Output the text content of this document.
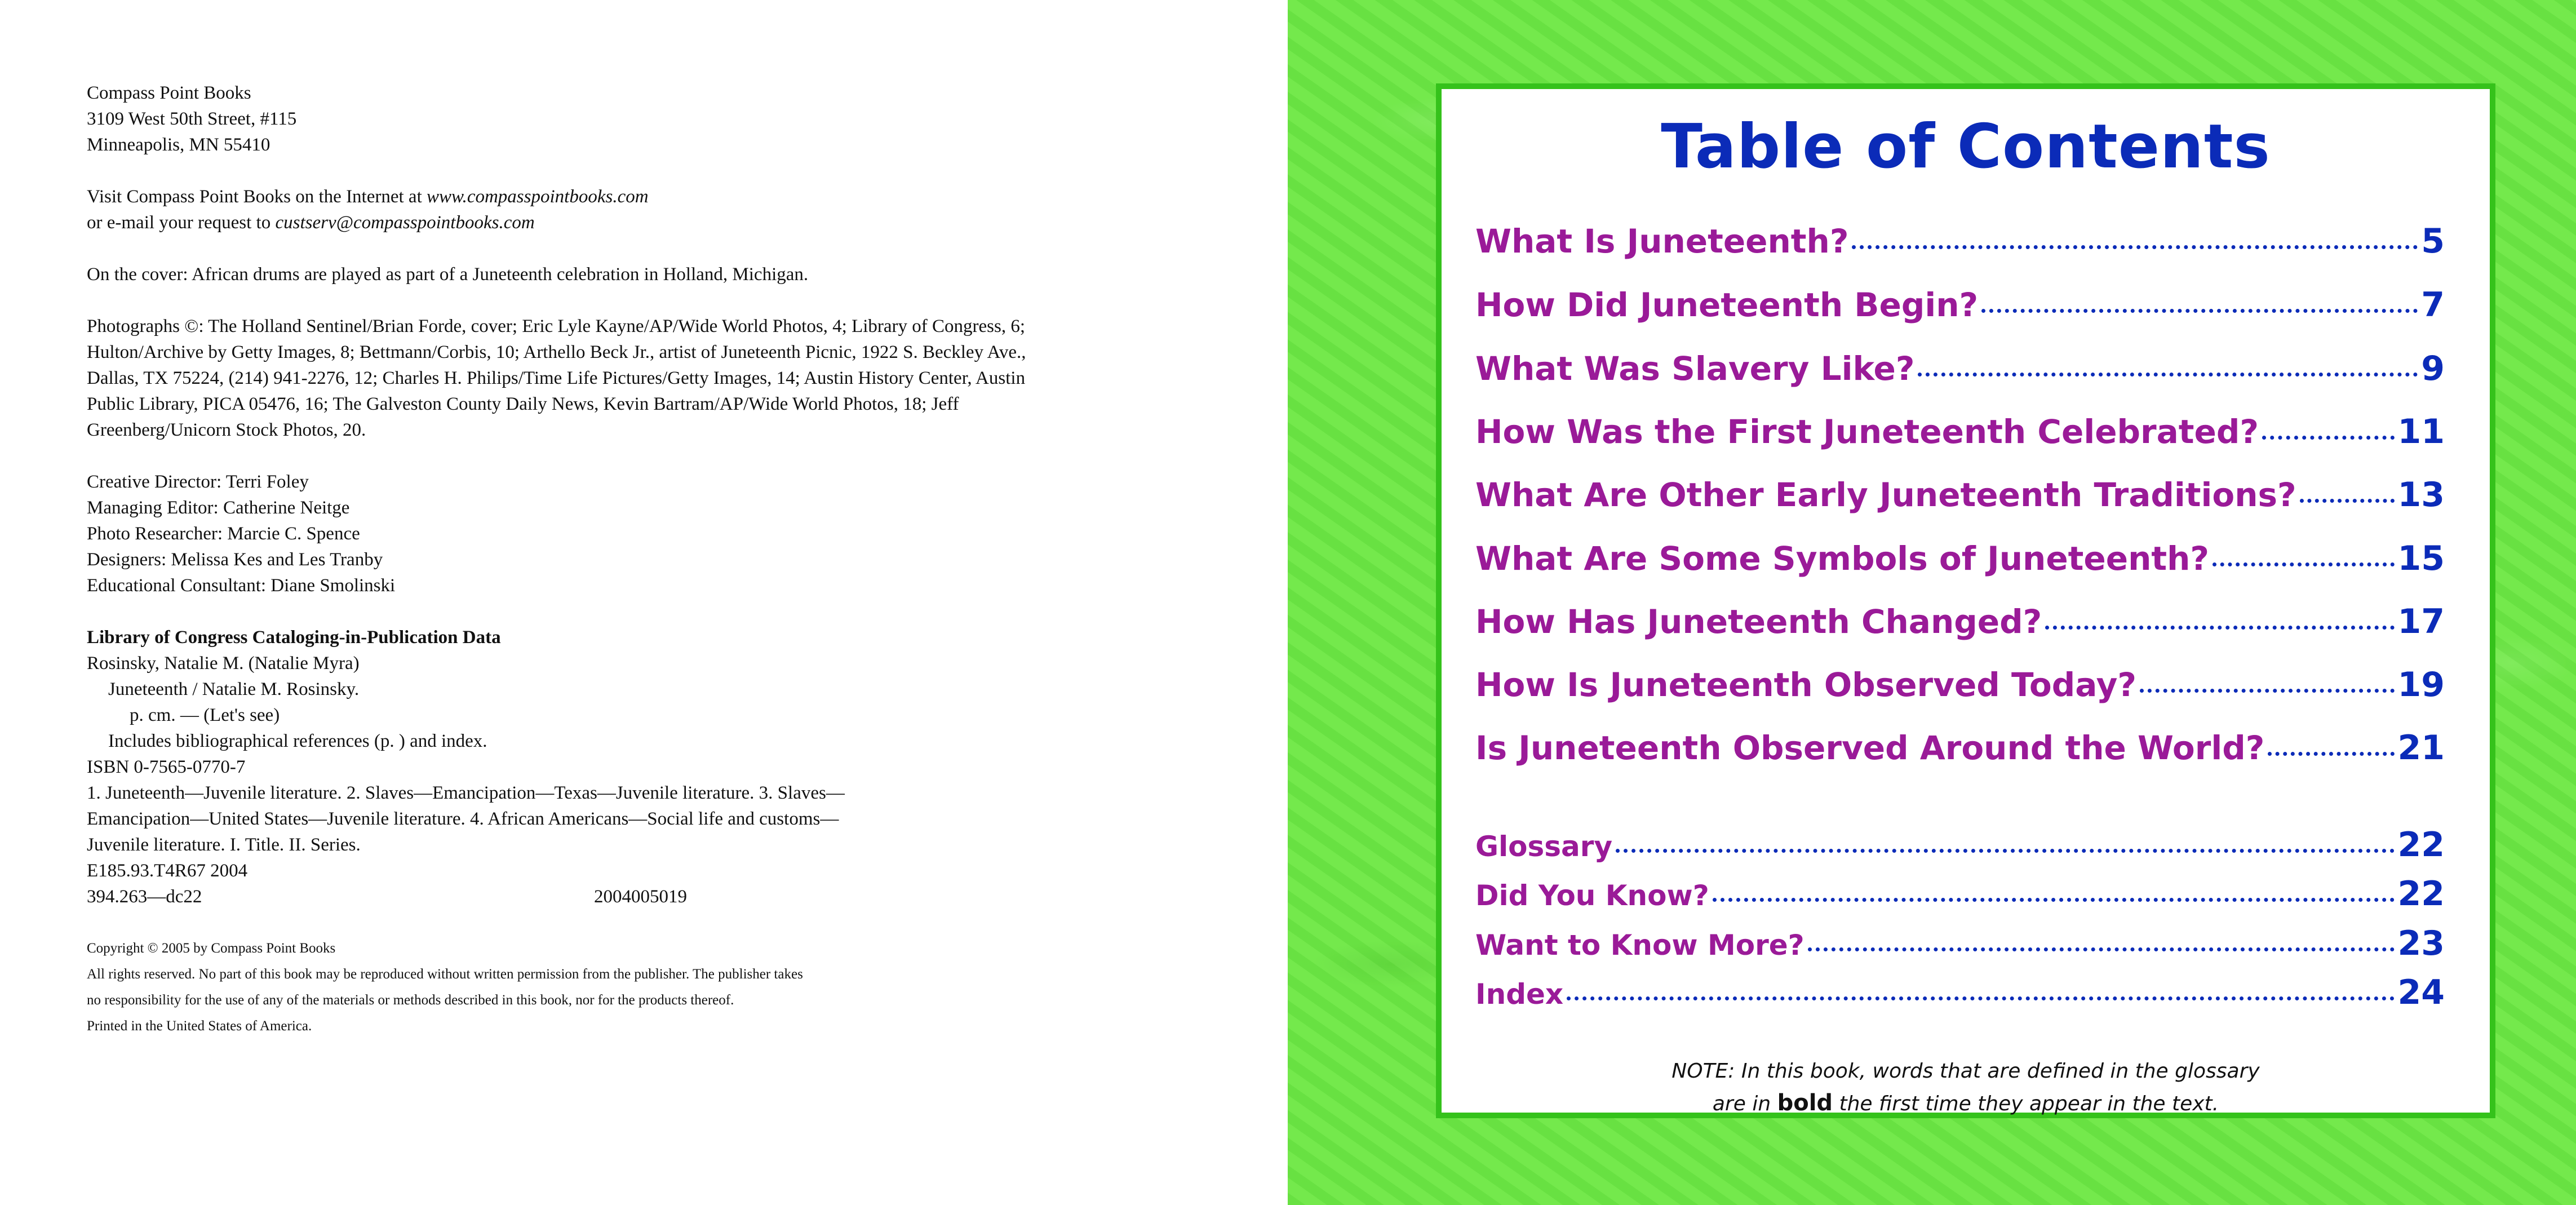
Compass Point Books
3109 West 50th Street, #115
Minneapolis, MN 55410
Visit Compass Point Books on the Internet at www.compasspointbooks.com
or e-mail your request to custserv@compasspointbooks.com
On the cover: African drums are played as part of a Juneteenth celebration in Holland, Michigan.
Photographs ©: The Holland Sentinel/Brian Forde, cover; Eric Lyle Kayne/AP/Wide World Photos, 4; Library of Congress, 6;
Hulton/Archive by Getty Images, 8; Bettmann/Corbis, 10; Arthello Beck Jr., artist of Juneteenth Picnic, 1922 S. Beckley Ave.,
Dallas, TX 75224, (214) 941-2276, 12; Charles H. Philips/Time Life Pictures/Getty Images, 14; Austin History Center, Austin
Public Library, PICA 05476, 16; The Galveston County Daily News, Kevin Bartram/AP/Wide World Photos, 18; Jeff
Greenberg/Unicorn Stock Photos, 20.
Creative Director: Terri Foley
Managing Editor: Catherine Neitge
Photo Researcher: Marcie C. Spence
Designers: Melissa Kes and Les Tranby
Educational Consultant: Diane Smolinski
Library of Congress Cataloging-in-Publication Data
Rosinsky, Natalie M. (Natalie Myra)
Juneteenth / Natalie M. Rosinsky.
p. cm. — (Let's see)
Includes bibliographical references (p. ) and index.
ISBN 0-7565-0770-7
1. Juneteenth—Juvenile literature. 2. Slaves—Emancipation—Texas—Juvenile literature. 3. Slaves—
Emancipation—United States—Juvenile literature. 4. African Americans—Social life and customs—
Juvenile literature. I. Title. II. Series.
E185.93.T4R67 2004
394.263—dc22	2004005019
Copyright © 2005 by Compass Point Books
All rights reserved. No part of this book may be reproduced without written permission from the publisher. The publisher takes
no responsibility for the use of any of the materials or methods described in this book, nor for the products thereof.
Printed in the United States of America.
Table of Contents
What Is Juneteenth?	5
How Did Juneteenth Begin?	7
What Was Slavery Like?	9
How Was the First Juneteenth Celebrated?	11
What Are Other Early Juneteenth Traditions?	13
What Are Some Symbols of Juneteenth?	15
How Has Juneteenth Changed?	17
How Is Juneteenth Observed Today?	19
Is Juneteenth Observed Around the World?	21
Glossary	22
Did You Know?	22
Want to Know More?	23
Index	24
NOTE: In this book, words that are defined in the glossary
are in bold the first time they appear in the text.
